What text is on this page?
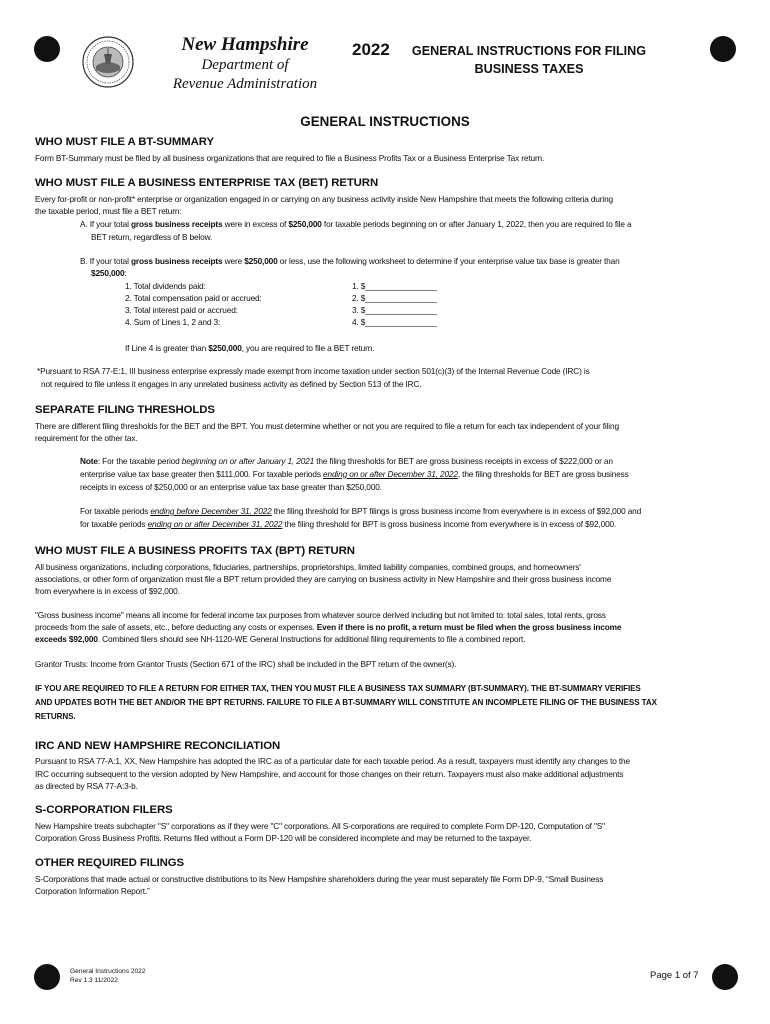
New Hampshire
Department of
Revenue Administration
2022	GENERAL INSTRUCTIONS FOR FILING
BUSINESS TAXES
GENERAL INSTRUCTIONS
WHO MUST FILE A BT-SUMMARY
Form BT-Summary must be filed by all business organizations that are required to file a Business Profits Tax or a Business Enterprise Tax return.
WHO MUST FILE A BUSINESS ENTERPRISE TAX (BET) RETURN
Every for-profit or non-profit* enterprise or organization engaged in or carrying on any business activity inside New Hampshire that meets the following criteria during
the taxable period, must file a BET return:
A. If your total gross business receipts were in excess of $250,000 for taxable periods beginning on or after January 1, 2022, then you are required to file a
BET return, regardless of B below.
B. If your total gross business receipts were $250,000 or less, use the following worksheet to determine if your enterprise value tax base is greater than
$250,000:
1. Total dividends paid:	1. $________________
2. Total compensation paid or accrued:	2. $________________
3. Total interest paid or accrued:	3. $________________
4. Sum of Lines 1, 2 and 3:	4. $________________
If Line 4 is greater than $250,000, you are required to file a BET return.
*Pursuant to RSA 77-E:1, III business enterprise expressly made exempt from income taxation under section 501(c)(3) of the Internal Revenue Code (IRC) is
not required to file unless it engages in any unrelated business activity as defined by Section 513 of the IRC.
SEPARATE FILING THRESHOLDS
There are different filing thresholds for the BET and the BPT. You must determine whether or not you are required to file a return for each tax independent of your filing
requirement for the other tax.
Note: For the taxable period beginning on or after January 1, 2021 the filing thresholds for BET are gross business receipts in excess of $222,000 or an
enterprise value tax base greater then $111,000. For taxable periods ending on or after December 31, 2022, the filing thresholds for BET are gross business
receipts in excess of $250,000 or an enterprise value tax base greater than $250,000.
For taxable periods ending before December 31, 2022 the filing threshold for BPT filings is gross business income from everywhere is in excess of $92,000 and
for taxable periods ending on or after December 31, 2022 the filing threshold for BPT is gross business income from everywhere is in excess of $92,000.
WHO MUST FILE A BUSINESS PROFITS TAX (BPT) RETURN
All business organizations, including corporations, fiduciaries, partnerships, proprietorships, limited liability companies, combined groups, and homeowners'
associations, or other form of organization must file a BPT return provided they are carrying on business activity in New Hampshire and their gross business income
from everywhere is in excess of $92,000.
"Gross business income" means all income for federal income tax purposes from whatever source derived including but not limited to: total sales, total rents, gross
proceeds from the sale of assets, etc., before deducting any costs or expenses. Even if there is no profit, a return must be filed when the gross business income
exceeds $92,000. Combined filers should see NH-1120-WE General Instructions for additional filing requirements to file a combined report.
Grantor Trusts: Income from Grantor Trusts (Section 671 of the IRC) shall be included in the BPT return of the owner(s).
IF YOU ARE REQUIRED TO FILE A RETURN FOR EITHER TAX, THEN YOU MUST FILE A BUSINESS TAX SUMMARY (BT-SUMMARY). THE BT-SUMMARY VERIFIES
AND UPDATES BOTH THE BET AND/OR THE BPT RETURNS. FAILURE TO FILE A BT-SUMMARY WILL CONSTITUTE AN INCOMPLETE FILING OF THE BUSINESS TAX
RETURNS.
IRC AND NEW HAMPSHIRE RECONCILIATION
Pursuant to RSA 77-A:1, XX, New Hampshire has adopted the IRC as of a particular date for each taxable period. As a result, taxpayers must identify any changes to the
IRC occurring subsequent to the version adopted by New Hampshire, and account for those changes on their return. Taxpayers must also make additional adjustments
as directed by RSA 77-A:3-b.
S-CORPORATION FILERS
New Hampshire treats subchapter "S" corporations as if they were "C" corporations. All S-corporations are required to complete Form DP-120, Computation of "S"
Corporation Gross Business Profits. Returns filed without a Form DP-120 will be considered incomplete and may be returned to the taxpayer.
OTHER REQUIRED FILINGS
S-Corporations that made actual or constructive distributions to its New Hampshire shareholders during the year must separately file Form DP-9, “Small Business
Corporation Information Report.”
General Instructions 2022
Rev 1.3 11/2022	Page 1 of 7
